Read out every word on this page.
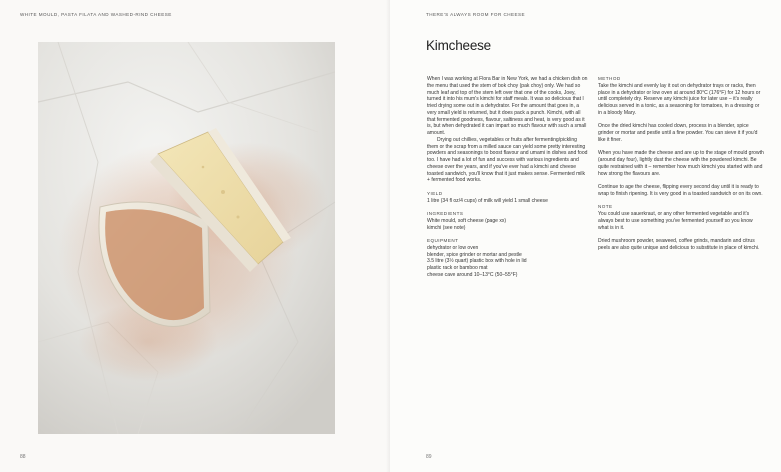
WHITE MOULD, PASTA FILATA AND WASHED-RIND CHEESE
88
THERE'S ALWAYS ROOM FOR CHEESE
89
Kimcheese

When I was working at Flora Bar in New York, we had a chicken dish on the menu that used the stem of bok choy (pak choy) only. We had so much leaf and top of the stem left over that one of the cooks, Joey, turned it into his mum's kimchi for staff meals. It was so delicious that I tried drying some out in a dehydrator. For the amount that goes in, a very small yield is returned, but it does pack a punch. Kimchi, with all that fermented goodness, flavour, saltiness and heat, is very good as it is, but when dehydrated it can impart so much flavour with such a small amount.

Drying out chillies, vegetables or fruits after fermenting/pickling them or the scrap from a milled sauce can yield some pretty interesting powders and seasonings to boost flavour and umami in dishes and food too. I have had a lot of fun and success with various ingredients and cheese over the years, and if you've ever had a kimchi and cheese toasted sandwich, you'll know that it just makes sense. Fermented milk + fermented food works.

YIELD

1 litre (34 fl oz/4 cups) of milk will yield 1 small cheese

INGREDIENTS

White mould, soft cheese (page xx)

kimchi (see note)

EQUIPMENT

dehydrator or low oven

blender, spice grinder or mortar and pestle

3.5 litre (3½ quart) plastic box with hole in lid

plastic rack or bamboo mat

cheese cave around 10–13°C (50–55°F)

METHOD

Take the kimchi and evenly lay it out on dehydrator trays or racks, then place in a dehydrator or low oven at around 80°C (176°F) for 12 hours or until completely dry. Reserve any kimchi juice for later use – it's really delicious served in a tonic, as a seasoning for tomatoes, in a dressing or in a bloody Mary.

Once the dried kimchi has cooled down, process in a blender, spice grinder or mortar and pestle until a fine powder. You can sieve it if you'd like it finer.

When you have made the cheese and are up to the stage of mould growth (around day four), lightly dust the cheese with the powdered kimchi. Be quite restrained with it – remember how much kimchi you started with and how strong the flavours are.

Continue to age the cheese, flipping every second day until it is ready to wrap to finish ripening. It is very good in a toasted sandwich or on its own.

NOTE

You could use sauerkraut, or any other fermented vegetable and it's always best to use something you've fermented yourself so you know what is in it.

Dried mushroom powder, seaweed, coffee grinds, mandarin and citrus peels are also quite unique and delicious to substitute in place of kimchi.
